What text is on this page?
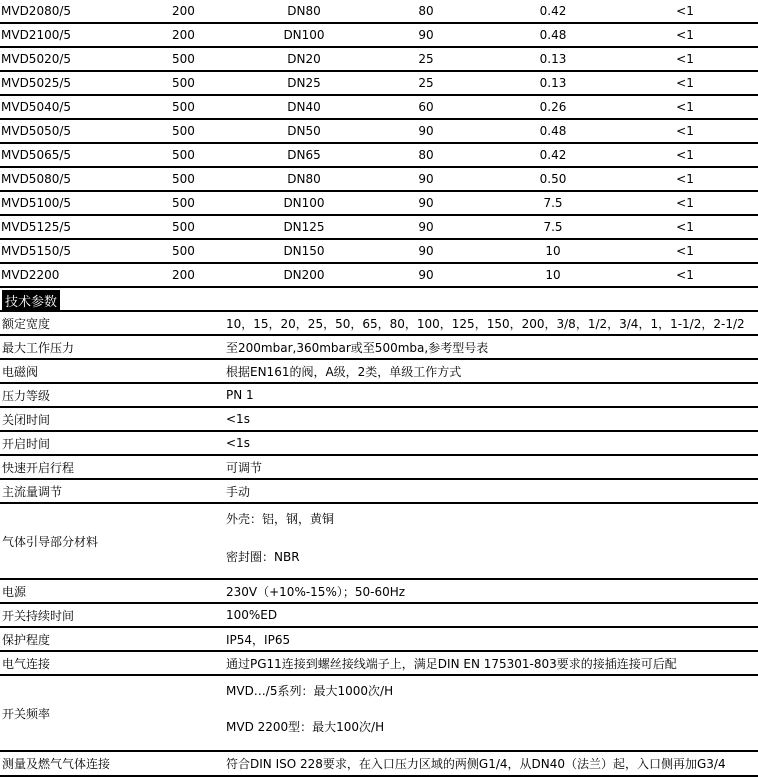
MVD2080/5	200	DN80	80	0.42	<1
MVD2100/5	200	DN100	90	0.48	<1
MVD5020/5	500	DN20	25	0.13	<1
MVD5025/5	500	DN25	25	0.13	<1
MVD5040/5	500	DN40	60	0.26	<1
MVD5050/5	500	DN50	90	0.48	<1
MVD5065/5	500	DN65	80	0.42	<1
MVD5080/5	500	DN80	90	0.50	<1
MVD5100/5	500	DN100	90	7.5	<1
MVD5125/5	500	DN125	90	7.5	<1
MVD5150/5	500	DN150	90	10	<1
MVD2200	200	DN200	90	10	<1
技术参数
额定宽度	10，15，20，25，50，65，80，100，125，150，200，3/8，1/2，3/4，1，1-1/2，2-1/2
最大工作压力	至200mbar,360mbar或至500mba,参考型号表
电磁阀	根据EN161的阀，A级，2类，单级工作方式
压力等级	PN 1
关闭时间	<1s
开启时间	<1s
快速开启行程	可调节
主流量调节	手动
气体引导部分材料
外壳：铝，钢，黄铜
密封圈：NBR
电源	230V（+10%-15%）；50-60Hz
开关持续时间	100%ED
保护程度	IP54，IP65
电气连接	通过PG11连接到螺丝接线端子上，满足DIN EN 175301-803要求的接插连接可后配
开关频率
MVD…/5系列：最大1000次/H
MVD 2200型：最大100次/H
测量及燃气气体连接	符合DIN ISO 228要求，在入口压力区域的两侧G1/4，从DN40（法兰）起，入口侧再加G3/4
